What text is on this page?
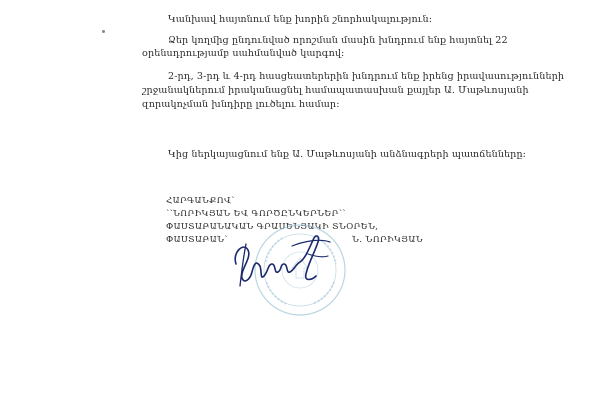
Կանխավ հայտնում ենք խորին շնորհակալություն:
Ձեր կողմից ընդունված որոշման մասին խնդրում ենք հայտնել 22
օրենսդրությամբ սահմանված կարգով:
2-րդ, 3-րդ և 4-րդ հասցեատերերին խնդրում ենք իրենց իրավասությունների
շրջանակներում իրականացնել համապատասխան քայլեր Ա. Մաթևոսյանի
զորակոչման խնդիրը լուծելու համար:
Կից ներկայացնում ենք Ա. Մաթևոսյանի անձնագրերի պատճենները:
ՀԱՐԳԱՆՔՈՎ՝
՝՝ՆՈՐԻԿՅԱՆ ԵՎ ԳՈՐԾԸՆԿԵՐՆԵՐ՝՝
ՓԱՍՏԱԲԱՆԱԿԱՆ ԳՐԱՍԵՆՅԱԿԻ ՏՆՕՐԵՆ,
ՓԱՍՏԱԲԱՆ՝	Ն. ՆՈՐԻԿՅԱՆ
